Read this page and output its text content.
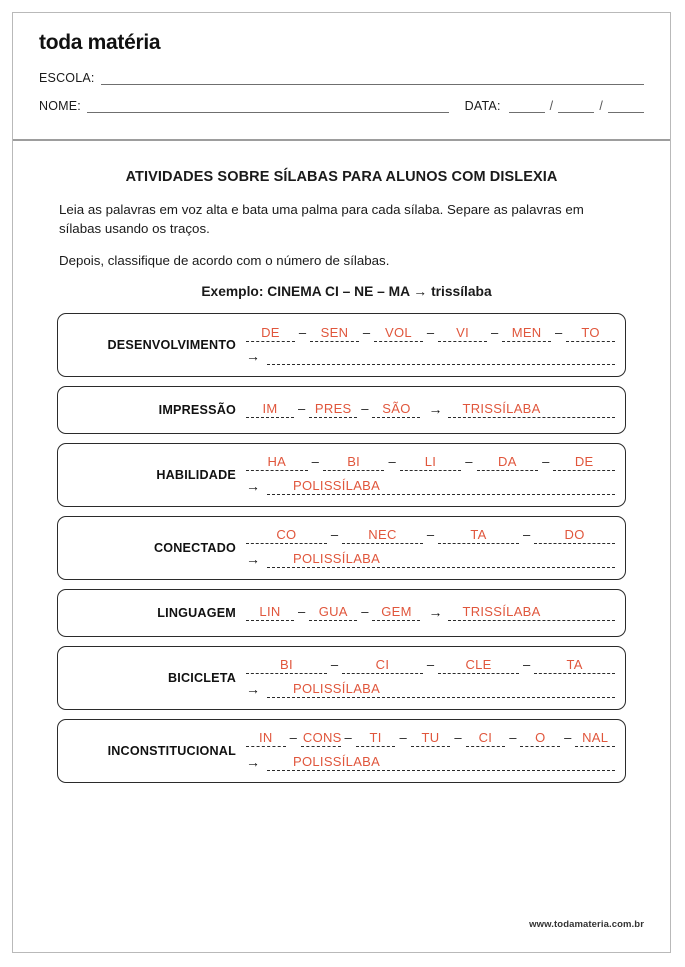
toda matéria
ESCOLA:
NOME:	DATA:	/	/
ATIVIDADES SOBRE SÍLABAS PARA ALUNOS COM DISLEXIA

Leia as palavras em voz alta e bata uma palma para cada sílaba. Separe as palavras em sílabas usando os traços.

Depois, classifique de acordo com o número de sílabas.

Exemplo: CINEMA CI – NE – MA → trissílaba
DESENVOLVIMENTO
DE	–	SEN	–	VOL	–	VI	–	MEN	–	TO
→
IMPRESSÃO	IM	– PRES –	SÃO	→	TRISSÍLABA
HABILIDADE
HA	–	BI	–	LI	–	DA	–	DE
→	POLISSÍLABA
CONECTADO
CO	–	NEC	–	TA	–	DO
→	POLISSÍLABA
LINGUAGEM	LIN	–	GUA	– GEM	→	TRISSÍLABA
BICICLETA
BI	–	CI	–	CLE	–	TA
→	POLISSÍLABA
INCONSTITUCIONAL
IN	– CONS –	TI	–	TU	–	CI	–	O	– NAL
→	POLISSÍLABA
www.todamateria.com.br
